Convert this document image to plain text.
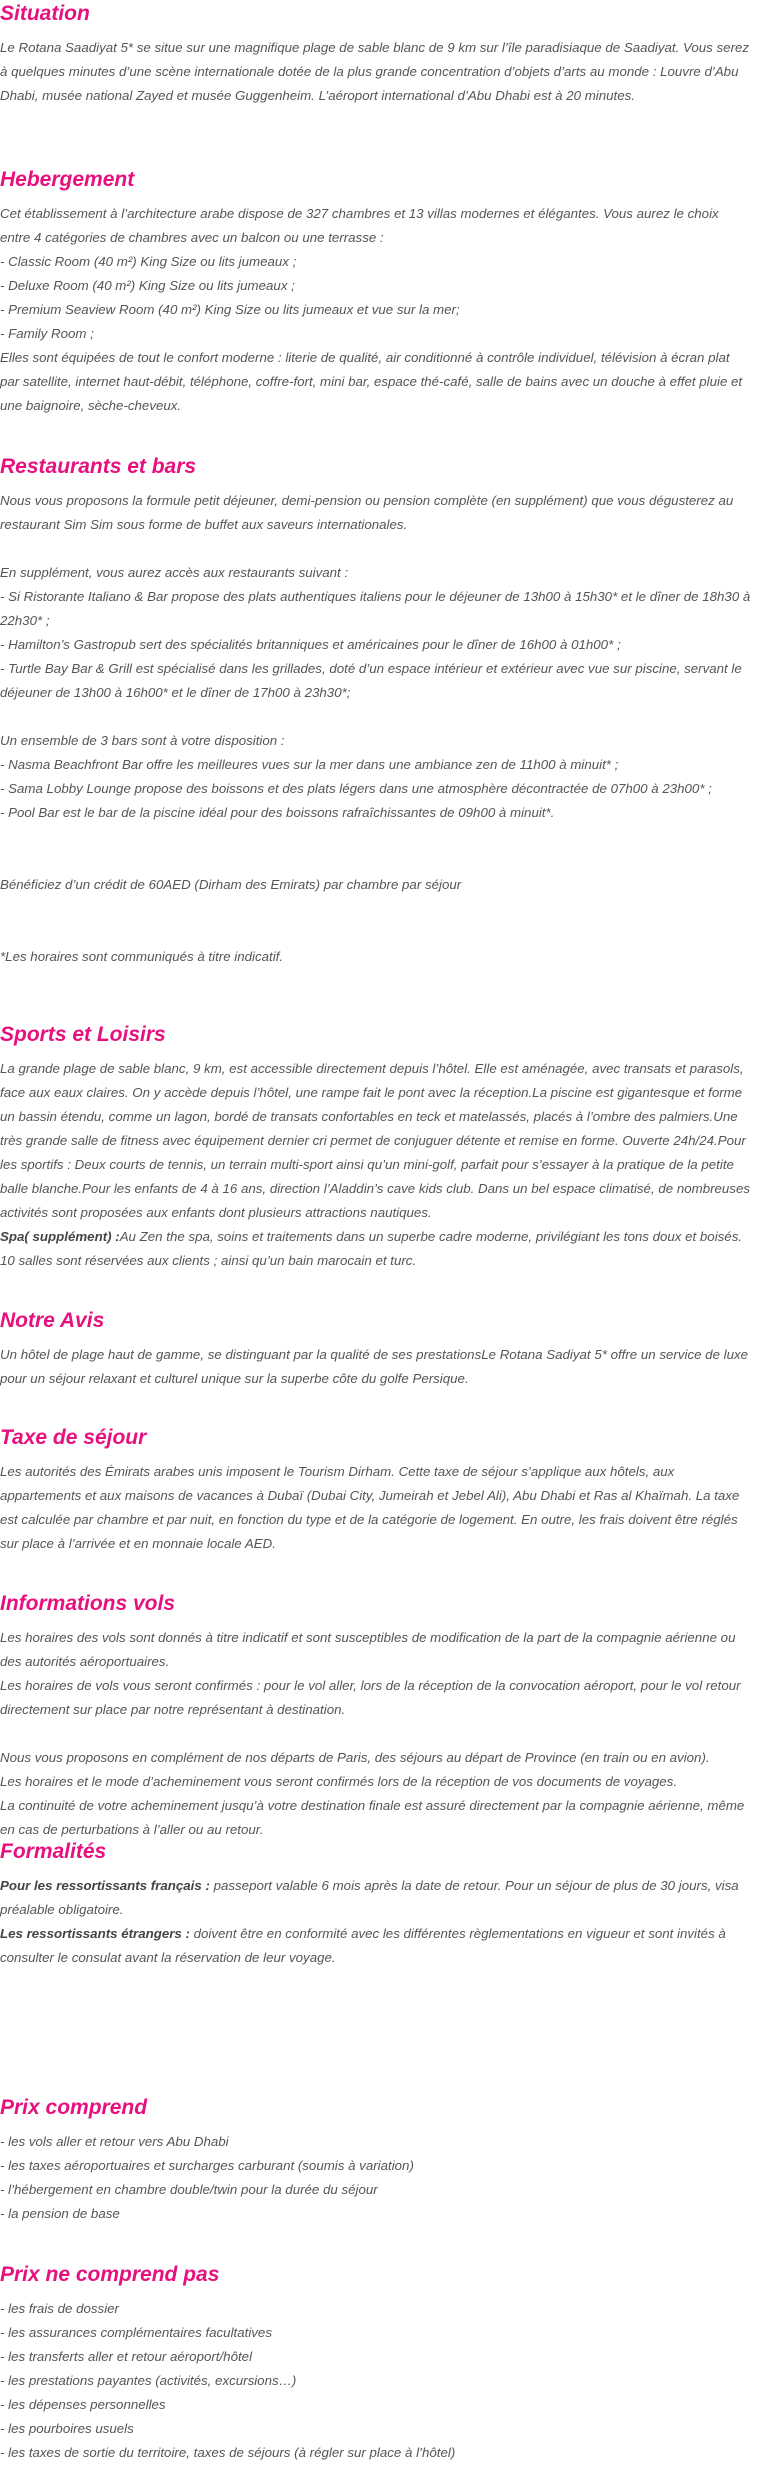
Situation

Le Rotana Saadiyat 5* se situe sur une magnifique plage de sable blanc de 9 km sur l’île paradisiaque de Saadiyat. Vous serez à quelques minutes d’une scène internationale dotée de la plus grande concentration d’objets d’arts au monde : Louvre d’Abu Dhabi, musée national Zayed et musée Guggenheim. L’aéroport international d’Abu Dhabi est à 20 minutes.

Hebergement

Cet établissement à l’architecture arabe dispose de 327 chambres et 13 villas modernes et élégantes. Vous aurez le choix entre 4 catégories de chambres avec un balcon ou une terrasse :

- Classic Room (40 m²) King Size ou lits jumeaux ;
- Deluxe Room (40 m²) King Size ou lits jumeaux ;
- Premium Seaview Room (40 m²) King Size ou lits jumeaux et vue sur la mer;
- Family Room ;

Elles sont équipées de tout le confort moderne : literie de qualité, air conditionné à contrôle individuel, télévision à écran plat par satellite, internet haut-débit, téléphone, coffre-fort, mini bar, espace thé-café, salle de bains avec un douche à effet pluie et une baignoire, sèche-cheveux.

Restaurants et bars

Nous vous proposons la formule petit déjeuner, demi-pension ou pension complète (en supplément) que vous dégusterez au restaurant Sim Sim sous forme de buffet aux saveurs internationales.

En supplément, vous aurez accès aux restaurants suivant :

- Si Ristorante Italiano & Bar propose des plats authentiques italiens pour le déjeuner de 13h00 à 15h30* et le dîner de 18h30 à 22h30* ;

- Hamilton’s Gastropub sert des spécialités britanniques et américaines pour le dîner de 16h00 à 01h00* ;

- Turtle Bay Bar & Grill est spécialisé dans les grillades, doté d’un espace intérieur et extérieur avec vue sur piscine, servant le déjeuner de 13h00 à 16h00* et le dîner de 17h00 à 23h30*;

Un ensemble de 3 bars sont à votre disposition :

- Nasma Beachfront Bar offre les meilleures vues sur la mer dans une ambiance zen de 11h00 à minuit* ;

- Sama Lobby Lounge propose des boissons et des plats légers dans une atmosphère décontractée de 07h00 à 23h00* ;

- Pool Bar est le bar de la piscine idéal pour des boissons rafraîchissantes de 09h00 à minuit*.

Bénéficiez d’un crédit de 60AED (Dirham des Emirats) par chambre par séjour

*Les horaires sont communiqués à titre indicatif.

Sports et Loisirs

La grande plage de sable blanc, 9 km, est accessible directement depuis l’hôtel. Elle est aménagée, avec transats et parasols, face aux eaux claires. On y accède depuis l’hôtel, une rampe fait le pont avec la réception.La piscine est gigantesque et forme un bassin étendu, comme un lagon, bordé de transats confortables en teck et matelassés, placés à l’ombre des palmiers.Une très grande salle de fitness avec équipement dernier cri permet de conjuguer détente et remise en forme. Ouverte 24h/24.Pour les sportifs : Deux courts de tennis, un terrain multi-sport ainsi qu’un mini-golf, parfait pour s’essayer à la pratique de la petite balle blanche.Pour les enfants de 4 à 16 ans, direction l’Aladdin’s cave kids club. Dans un bel espace climatisé, de nombreuses activités sont proposées aux enfants dont plusieurs attractions nautiques.
Spa( supplément) :Au Zen the spa, soins et traitements dans un superbe cadre moderne, privilégiant les tons doux et boisés. 10 salles sont réservées aux clients ; ainsi qu’un bain marocain et turc.

Notre Avis

Un hôtel de plage haut de gamme, se distinguant par la qualité de ses prestationsLe Rotana Sadiyat 5* offre un service de luxe pour un séjour relaxant et culturel unique sur la superbe côte du golfe Persique.

Taxe de séjour

Les autorités des Émirats arabes unis imposent le Tourism Dirham. Cette taxe de séjour s’applique aux hôtels, aux appartements et aux maisons de vacances à Dubaï (Dubai City, Jumeirah et Jebel Ali), Abu Dhabi et Ras al Khaïmah. La taxe est calculée par chambre et par nuit, en fonction du type et de la catégorie de logement. En outre, les frais doivent être réglés sur place à l’arrivée et en monnaie locale AED.

Informations vols

Les horaires des vols sont donnés à titre indicatif et sont susceptibles de modification de la part de la compagnie aérienne ou des autorités aéroportuaires.

Les horaires de vols vous seront confirmés : pour le vol aller, lors de la réception de la convocation aéroport, pour le vol retour directement sur place par notre représentant à destination.

Nous vous proposons en complément de nos départs de Paris, des séjours au départ de Province (en train ou en avion).

Les horaires et le mode d’acheminement vous seront confirmés lors de la réception de vos documents de voyages.

La continuité de votre acheminement jusqu’à votre destination finale est assuré directement par la compagnie aérienne, même en cas de perturbations à l’aller ou au retour.

Formalités

Pour les ressortissants français : passeport valable 6 mois après la date de retour. Pour un séjour de plus de 30 jours, visa préalable obligatoire.

Les ressortissants étrangers : doivent être en conformité avec les différentes règlementations en vigueur et sont invités à consulter le consulat avant la réservation de leur voyage.

Prix comprend
- les vols aller et retour vers Abu Dhabi
- les taxes aéroportuaires et surcharges carburant (soumis à variation)
- l’hébergement en chambre double/twin pour la durée du séjour
- la pension de base
Prix ne comprend pas
- les frais de dossier
- les assurances complémentaires facultatives
- les transferts aller et retour aéroport/hôtel
- les prestations payantes (activités, excursions…)
- les dépenses personnelles
- les pourboires usuels
- les taxes de sortie du territoire, taxes de séjours (à régler sur place à l’hôtel)
